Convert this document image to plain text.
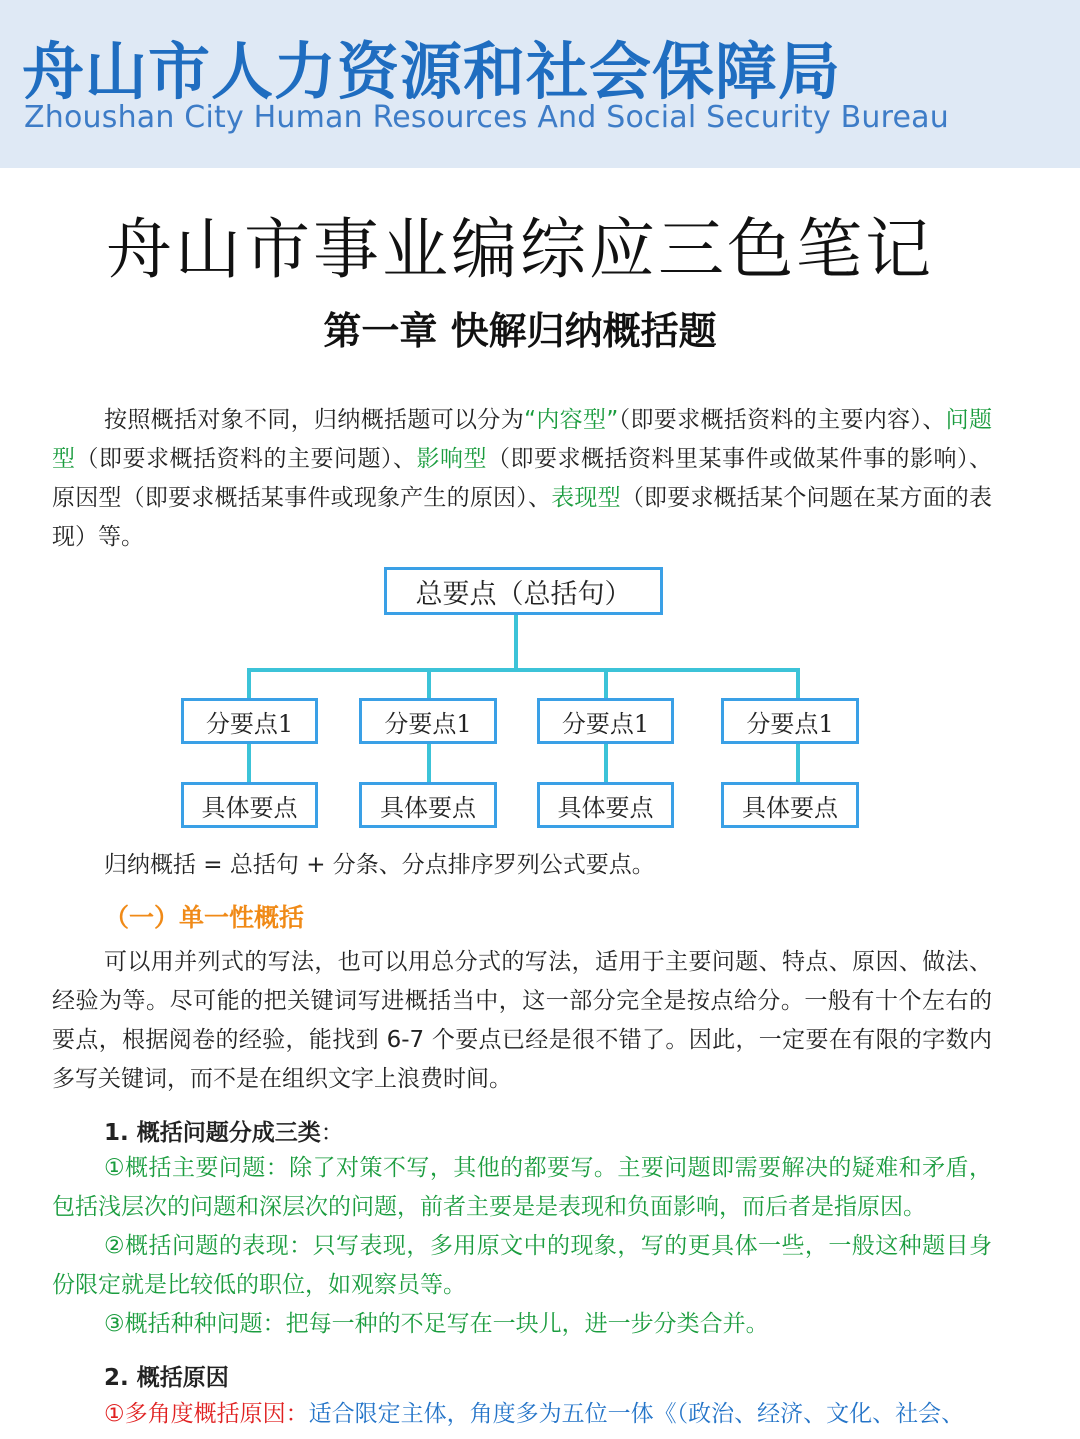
舟山市人力资源和社会保障局
Zhoushan City Human Resources And Social Security Bureau
舟山市事业编综应三色笔记
第一章 快解归纳概括题

按照概括对象不同，归纳概括题可以分为“内容型”（即要求概括资料的主要内容）、问题型（即要求概括资料的主要问题）、影响型（即要求概括资料里某事件或做某件事的影响）、原因型（即要求概括某事件或现象产生的原因）、表现型（即要求概括某个问题在某方面的表现）等。

总要点（总括句）
分要点1	分要点1	分要点1	分要点1
具体要点	具体要点	具体要点	具体要点

归纳概括 = 总括句 + 分条、分点排序罗列公式要点。

（一）单一性概括

可以用并列式的写法，也可以用总分式的写法，适用于主要问题、特点、原因、做法、经验为等。尽可能的把关键词写进概括当中，这一部分完全是按点给分。一般有十个左右的要点，根据阅卷的经验，能找到 6-7 个要点已经是很不错了。因此，一定要在有限的字数内多写关键词，而不是在组织文字上浪费时间。

1. 概括问题分成三类：

①概括主要问题：除了对策不写，其他的都要写。主要问题即需要解决的疑难和矛盾，包括浅层次的问题和深层次的问题，前者主要是是表现和负面影响，而后者是指原因。

②概括问题的表现：只写表现，多用原文中的现象，写的更具体一些，一般这种题目身份限定就是比较低的职位，如观察员等。

③概括种种问题：把每一种的不足写在一块儿，进一步分类合并。

2. 概括原因

①多角度概括原因：适合限定主体，角度多为五位一体《（政治、经济、文化、社会、
